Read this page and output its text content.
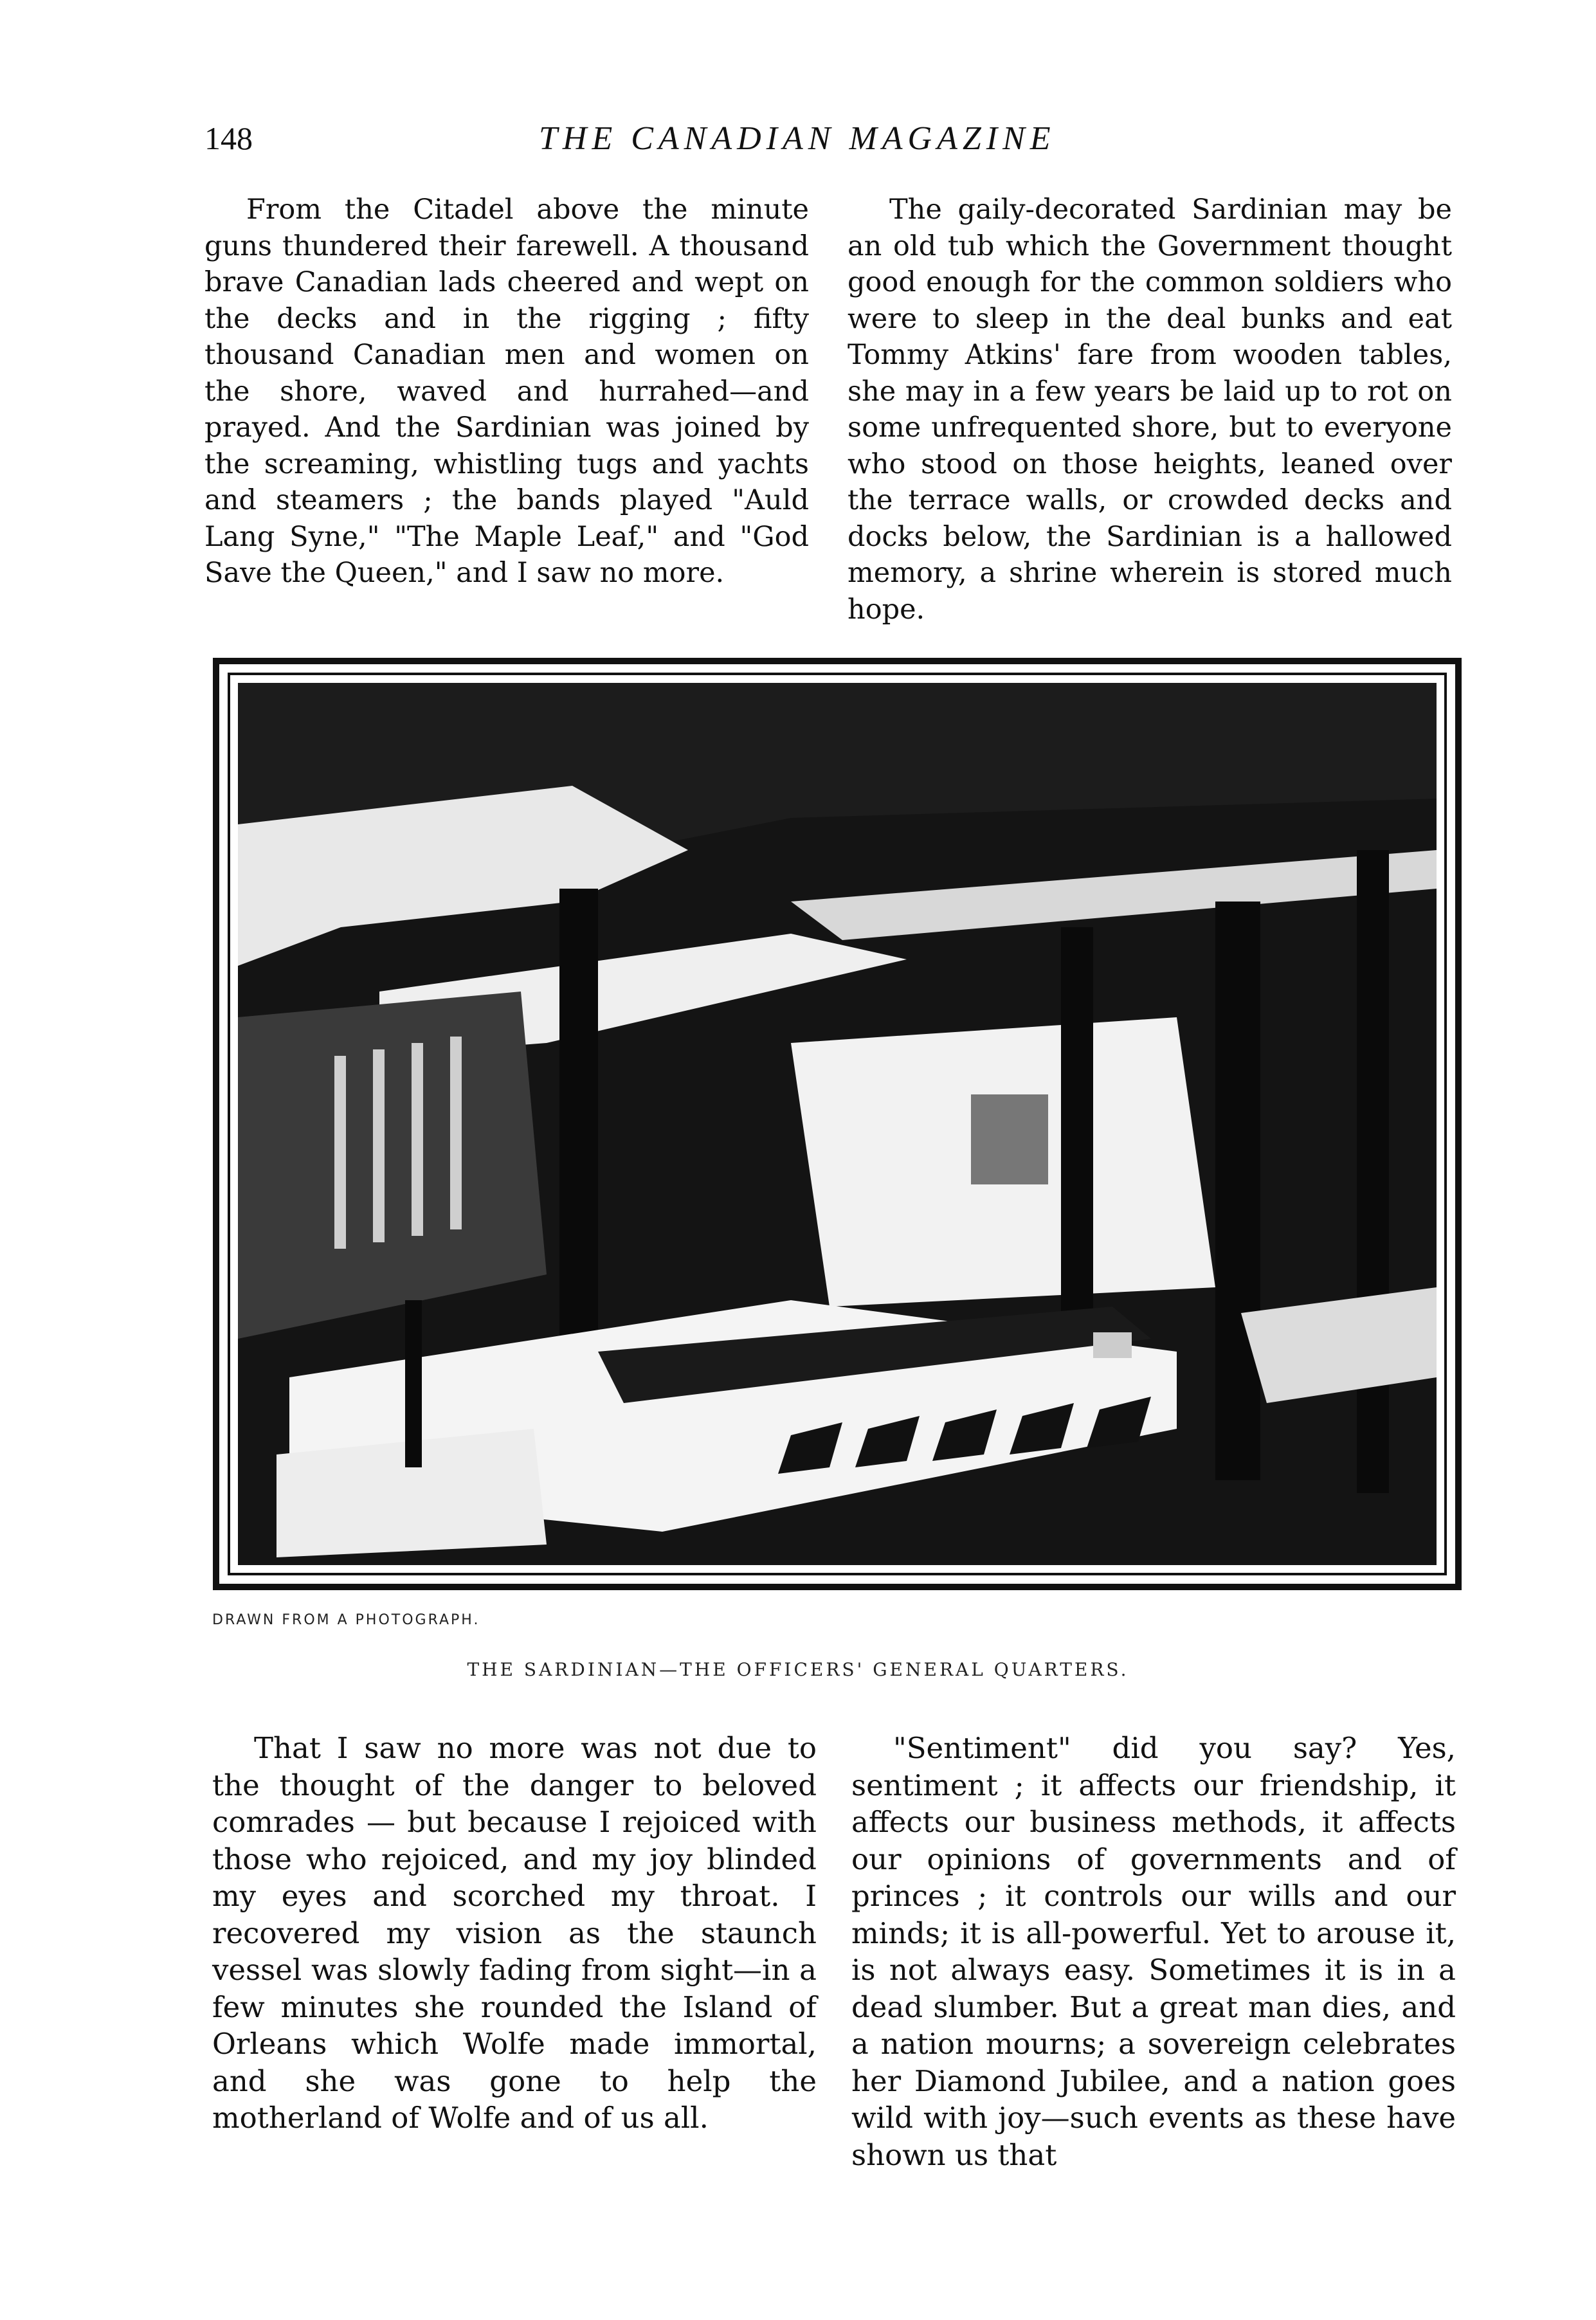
148	THE CANADIAN MAGAZINE

From the Citadel above the minute guns thundered their farewell. A thousand brave Canadian lads cheered and wept on the decks and in the rigging ; fifty thousand Canadian men and women on the shore, waved and hurrahed—and prayed. And the Sardinian was joined by the screaming, whistling tugs and yachts and steamers ; the bands played "Auld Lang Syne," "The Maple Leaf," and "God Save the Queen," and I saw no more.

The gaily-decorated Sardinian may be an old tub which the Government thought good enough for the common soldiers who were to sleep in the deal bunks and eat Tommy Atkins' fare from wooden tables, she may in a few years be laid up to rot on some unfrequented shore, but to everyone who stood on those heights, leaned over the terrace walls, or crowded decks and docks below, the Sardinian is a hallowed memory, a shrine wherein is stored much hope.

DRAWN FROM A PHOTOGRAPH.
THE SARDINIAN—THE OFFICERS' GENERAL QUARTERS.

That I saw no more was not due to the thought of the danger to beloved comrades — but because I rejoiced with those who rejoiced, and my joy blinded my eyes and scorched my throat. I recovered my vision as the staunch vessel was slowly fading from sight—in a few minutes she rounded the Island of Orleans which Wolfe made immortal, and she was gone to help the motherland of Wolfe and of us all.

"Sentiment" did you say? Yes, sentiment ; it affects our friendship, it affects our business methods, it affects our opinions of governments and of princes ; it controls our wills and our minds; it is all-powerful. Yet to arouse it, is not always easy. Sometimes it is in a dead slumber. But a great man dies, and a nation mourns; a sovereign celebrates her Diamond Jubilee, and a nation goes wild with joy—such events as these have shown us that
